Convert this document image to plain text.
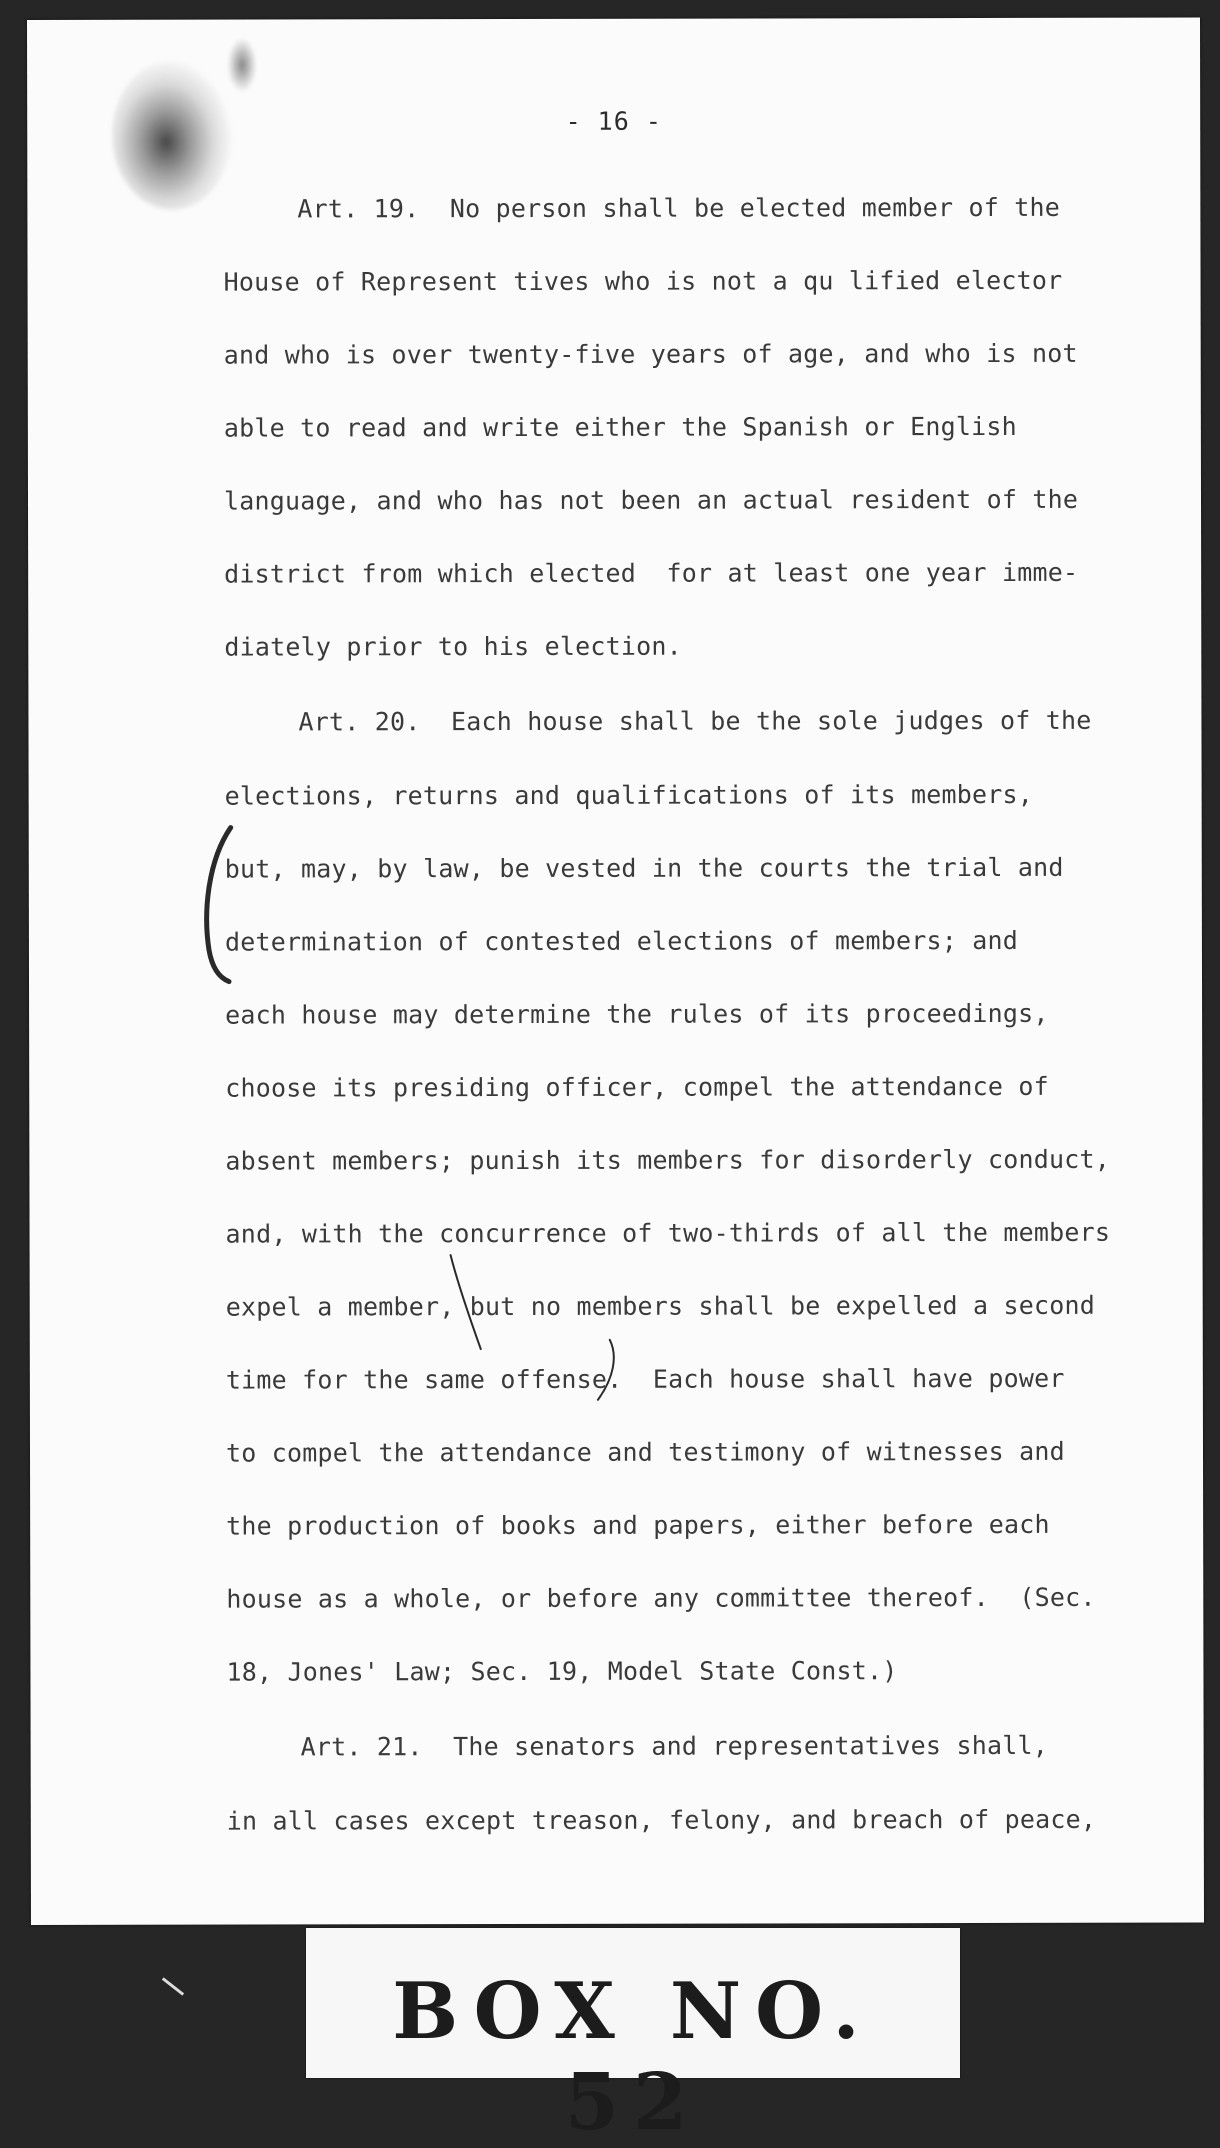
- 16 -
Art. 19.  No person shall be elected member of the
House of Represent tives who is not a qu lified elector
and who is over twenty-five years of age, and who is not
able to read and write either the Spanish or English
language, and who has not been an actual resident of the
district from which elected  for at least one year imme-
diately prior to his election.
Art. 20.  Each house shall be the sole judges of the
elections, returns and qualifications of its members,
but, may, by law, be vested in the courts the trial and
determination of contested elections of members; and
each house may determine the rules of its proceedings,
choose its presiding officer, compel the attendance of
absent members; punish its members for disorderly conduct,
and, with the concurrence of two-thirds of all the members
expel a member, but no members shall be expelled a second
time for the same offense.  Each house shall have power
to compel the attendance and testimony of witnesses and
the production of books and papers, either before each
house as a whole, or before any committee thereof.  (Sec.
18, Jones' Law; Sec. 19, Model State Const.)
Art. 21.  The senators and representatives shall,
in all cases except treason, felony, and breach of peace,
BOX NO. 52
